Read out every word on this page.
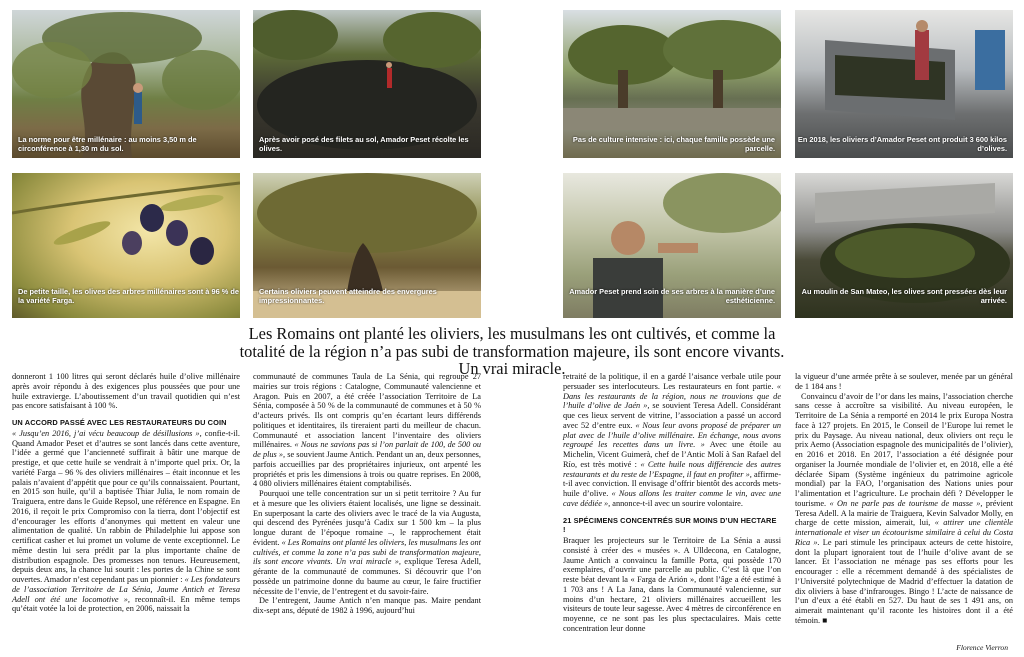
La norme pour être millénaire : au moins 3,50 m de circonférence à 1,30 m du sol.
Après avoir posé des filets au sol, Amador Peset récolte les olives.
Pas de culture intensive : ici, chaque famille possède une parcelle.
En 2018, les oliviers d’Amador Peset ont produit 3 600 kilos d’olives.
De petite taille, les olives des arbres millénaires sont à 96 % de la variété Farga.
Certains oliviers peuvent atteindre des envergures impressionnantes.
Amador Peset prend soin de ses arbres à la manière d’une esthéticienne.
Au moulin de San Mateo, les olives sont pressées dès leur arrivée.
Les Romains ont planté les oliviers, les musulmans les ont cultivés, et comme la totalité de la région n’a pas subi de transformation majeure, ils sont encore vivants. Un vrai miracle.

donneront 1 100 litres qui seront déclarés huile d’olive millénaire après avoir répondu à des exigences plus poussées que pour une huile extravierge. L’aboutissement d’un travail quotidien qui n’est pas encore satisfaisant à 100 %.

UN ACCORD PASSÉ AVEC LES RESTAURATEURS DU COIN

« Jusqu’en 2016, j’ai vécu beaucoup de désillusions », confie-t-il. Quand Amador Peset et d’autres se sont lancés dans cette aventure, l’idée a germé que l’ancienneté suffirait à bâtir une marque de prestige, et que cette huile se vendrait à n’importe quel prix. Or, la variété Farga – 96 % des oliviers millénaires – était inconnue et les palais n’avaient d’appétit que pour ce qu’ils connaissaient. Pourtant, en 2015 son huile, qu’il a baptisée Thiar Julia, le nom romain de Traiguera, entre dans le Guide Repsol, une référence en Espagne. En 2016, il reçoit le prix Compromiso con la tierra, dont l’objectif est d’encourager les efforts d’anonymes qui mettent en valeur une alimentation de qualité. Un rabbin de Philadelphie lui appose son certificat casher et lui promet un volume de vente exceptionnel. Le même destin lui sera prédit par la plus importante chaîne de distribution espagnole. Des promesses non tenues. Heureusement, depuis deux ans, la chance lui sourit : les portes de la Chine se sont ouvertes. Amador n’est cependant pas un pionnier : « Les fondateurs de l’association Territoire de La Sénia, Jaume Antich et Teresa Adell ont été une locomotive », reconnaît-il. En même temps qu’était votée la loi de protection, en 2006, naissait la

communauté de communes Taula de La Sénia, qui regroupe 27 mairies sur trois régions : Catalogne, Communauté valencienne et Aragon. Puis en 2007, a été créée l’association Territoire de La Sénia, composée à 50 % de la communauté de communes et à 50 % d’acteurs privés. Ils ont compris qu’en écartant leurs différends politiques et identitaires, ils tireraient parti du meilleur de chacun. Communauté et association lancent l’inventaire des oliviers millénaires. « Nous ne savions pas si l’on parlait de 100, de 500 ou de plus », se souvient Jaume Antich. Pendant un an, deux personnes, parfois accueillies par des propriétaires injurieux, ont arpenté les propriétés et pris les dimensions à trois ou quatre reprises. En 2008, 4 080 oliviers millénaires étaient comptabilisés.

Pourquoi une telle concentration sur un si petit territoire ? Au fur et à mesure que les oliviers étaient localisés, une ligne se dessinait. En superposant la carte des oliviers avec le tracé de la via Augusta, qui descend des Pyrénées jusqu’à Cadix sur 1 500 km – la plus longue durant de l’époque romaine –, le rapprochement était évident. « Les Romains ont planté les oliviers, les musulmans les ont cultivés, et comme la zone n’a pas subi de transformation majeure, ils sont encore vivants. Un vrai miracle », explique Teresa Adell, gérante de la communauté de communes. Si découvrir que l’on possède un patrimoine donne du baume au cœur, le faire fructifier nécessite de l’envie, de l’entregent et du savoir-faire.

De l’entregent, Jaume Antich n’en manque pas. Maire pendant dix-sept ans, député de 1982 à 1996, aujourd’hui

retraité de la politique, il en a gardé l’aisance verbale utile pour persuader ses interlocuteurs. Les restaurateurs en font partie. « Dans les restaurants de la région, nous ne trouvions que de l’huile d’olive de Jaén », se souvient Teresa Adell. Considérant que ces lieux servent de vitrine, l’association a passé un accord avec 52 d’entre eux. « Nous leur avons proposé de préparer un plat avec de l’huile d’olive millénaire. En échange, nous avons regroupé les recettes dans un livre. » Avec une étoile au Michelin, Vicent Guimerà, chef de l’Antic Molí à San Rafael del Río, est très motivé : « Cette huile nous différencie des autres restaurants et du reste de l’Espagne, il faut en profiter », affirme-t-il avec conviction. Il envisage d’offrir bientôt des accords mets-huile d’olive. « Nous allons les traiter comme le vin, avec une cave dédiée », annonce-t-il avec un sourire volontaire.

21 SPÉCIMENS CONCENTRÉS SUR MOINS D’UN HECTARE !

Braquer les projecteurs sur le Territoire de La Sénia a aussi consisté à créer des « musées ». A Ulldecona, en Catalogne, Jaume Antich a convaincu la famille Porta, qui possède 170 exemplaires, d’ouvrir une parcelle au public. C’est là que l’on reste béat devant la « Farga de Arión », dont l’âge a été estimé à 1 703 ans ! A La Jana, dans la Communauté valencienne, sur moins d’un hectare, 21 oliviers millénaires accueillent les visiteurs de toute leur sagesse. Avec 4 mètres de circonférence en moyenne, ce ne sont pas les plus spectaculaires. Mais cette concentration leur donne

la vigueur d’une armée prête à se soulever, menée par un général de 1 184 ans !

Convaincu d’avoir de l’or dans les mains, l’association cherche sans cesse à accroître sa visibilité. Au niveau européen, le Territoire de La Sénia a remporté en 2014 le prix Europa Nostra face à 127 projets. En 2015, le Conseil de l’Europe lui remet le prix du Paysage. Au niveau national, deux oliviers ont reçu le prix Aemo (Association espagnole des municipalités de l’olivier), en 2016 et 2018. En 2017, l’association a été désignée pour organiser la Journée mondiale de l’olivier et, en 2018, elle a été déclarée Sipam (Système ingénieux du patrimoine agricole mondial) par la FAO, l’organisation des Nations unies pour l’alimentation et l’agriculture. Le prochain défi ? Développer le tourisme. « On ne parle pas de tourisme de masse », prévient Teresa Adell. A la mairie de Traiguera, Kevin Salvador Molly, en charge de cette mission, aimerait, lui, « attirer une clientèle internationale et viser un écotourisme similaire à celui du Costa Rica ». Le pari stimule les principaux acteurs de cette histoire, dont la plupart ignoraient tout de l’huile d’olive avant de se lancer. Et l’association ne ménage pas ses efforts pour les encourager : elle a récemment demandé à des spécialistes de l’Université polytechnique de Madrid d’effectuer la datation de dix oliviers à base d’infrarouges. Bingo ! L’acte de naissance de l’un d’eux a été établi en 527. Du haut de ses 1 491 ans, on aimerait maintenant qu’il raconte les histoires dont il a été témoin. ■

Florence Vierron
